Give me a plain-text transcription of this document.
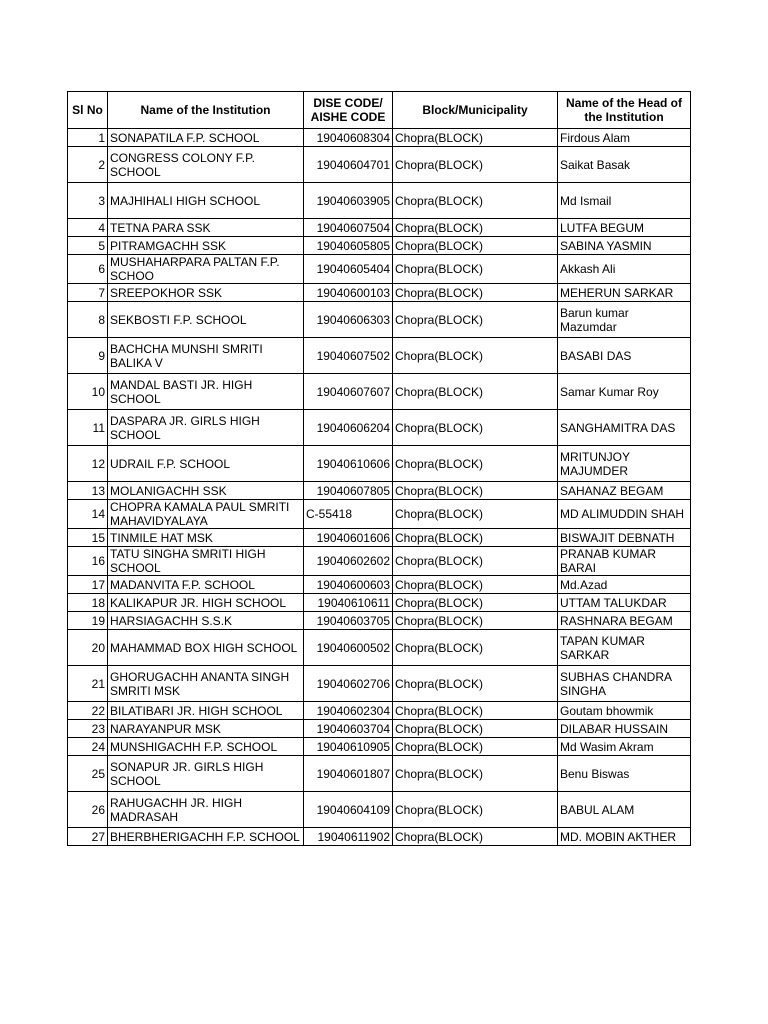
Sl No	Name of the Institution	DISE CODE/ AISHE CODE	Block/Municipality	Name of the Head of the Institution
1	SONAPATILA F.P. SCHOOL	19040608304	Chopra(BLOCK)	Firdous Alam
2	CONGRESS COLONY F.P. SCHOOL	19040604701	Chopra(BLOCK)	Saikat Basak
3	MAJHIHALI HIGH SCHOOL	19040603905	Chopra(BLOCK)	Md Ismail
4	TETNA PARA SSK	19040607504	Chopra(BLOCK)	LUTFA BEGUM
5	PITRAMGACHH SSK	19040605805	Chopra(BLOCK)	SABINA YASMIN
6	MUSHAHARPARA PALTAN F.P. SCHOO	19040605404	Chopra(BLOCK)	Akkash Ali
7	SREEPOKHOR SSK	19040600103	Chopra(BLOCK)	MEHERUN SARKAR
8	SEKBOSTI F.P. SCHOOL	19040606303	Chopra(BLOCK)	Barun kumar Mazumdar
9	BACHCHA MUNSHI SMRITI BALIKA V	19040607502	Chopra(BLOCK)	BASABI DAS
10	MANDAL BASTI JR. HIGH SCHOOL	19040607607	Chopra(BLOCK)	Samar Kumar Roy
11	DASPARA JR. GIRLS HIGH SCHOOL	19040606204	Chopra(BLOCK)	SANGHAMITRA DAS
12	UDRAIL F.P. SCHOOL	19040610606	Chopra(BLOCK)	MRITUNJOY MAJUMDER
13	MOLANIGACHH SSK	19040607805	Chopra(BLOCK)	SAHANAZ BEGAM
14	CHOPRA KAMALA PAUL SMRITI MAHAVIDYALAYA	C-55418	Chopra(BLOCK)	MD ALIMUDDIN SHAH
15	TINMILE HAT MSK	19040601606	Chopra(BLOCK)	BISWAJIT DEBNATH
16	TATU SINGHA SMRITI HIGH SCHOOL	19040602602	Chopra(BLOCK)	PRANAB KUMAR BARAI
17	MADANVITA F.P. SCHOOL	19040600603	Chopra(BLOCK)	Md.Azad
18	KALIKAPUR JR. HIGH SCHOOL	19040610611	Chopra(BLOCK)	UTTAM TALUKDAR
19	HARSIAGACHH S.S.K	19040603705	Chopra(BLOCK)	RASHNARA BEGAM
20	MAHAMMAD BOX HIGH SCHOOL	19040600502	Chopra(BLOCK)	TAPAN KUMAR SARKAR
21	GHORUGACHH ANANTA SINGH SMRITI MSK	19040602706	Chopra(BLOCK)	SUBHAS CHANDRA SINGHA
22	BILATIBARI JR. HIGH SCHOOL	19040602304	Chopra(BLOCK)	Goutam bhowmik
23	NARAYANPUR MSK	19040603704	Chopra(BLOCK)	DILABAR HUSSAIN
24	MUNSHIGACHH F.P. SCHOOL	19040610905	Chopra(BLOCK)	Md Wasim Akram
25	SONAPUR JR. GIRLS HIGH SCHOOL	19040601807	Chopra(BLOCK)	Benu Biswas
26	RAHUGACHH JR. HIGH MADRASAH	19040604109	Chopra(BLOCK)	BABUL ALAM
27	BHERBHERIGACHH F.P. SCHOOL	19040611902	Chopra(BLOCK)	MD. MOBIN AKTHER
